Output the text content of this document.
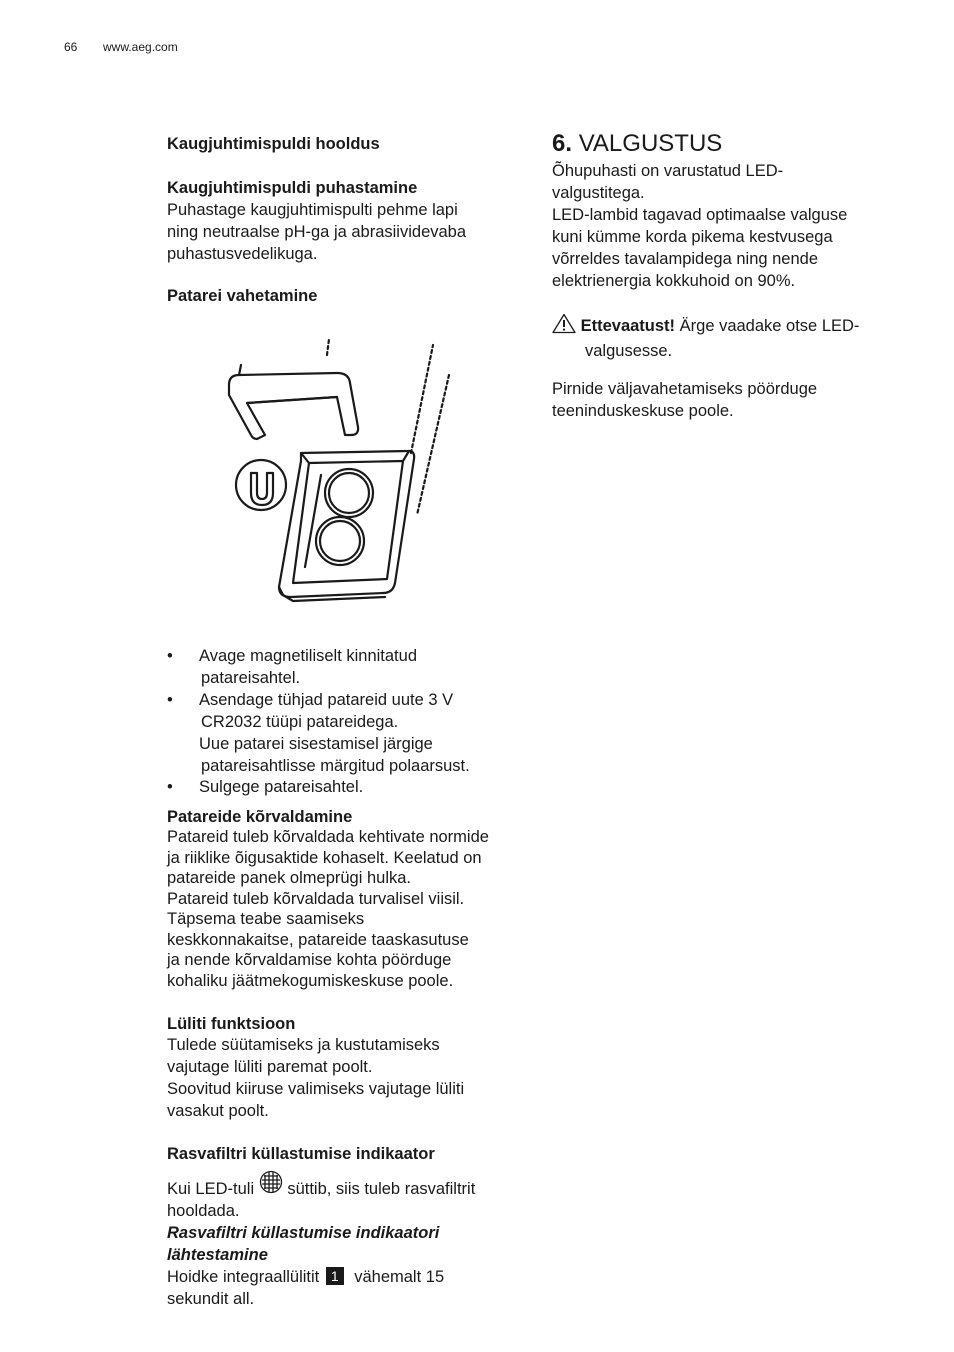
66 www.aeg.com
Kaugjuhtimispuldi hooldus
Kaugjuhtimispuldi puhastamine

Puhastage kaugjuhtimispulti pehme lapi

ning neutraalse pH-ga ja abrasiividevaba

puhastusvedelikuga.

Patarei vahetamine
• Avage magnetiliselt kinnitatud

patareisahtel.

• Asendage tühjad patareid uute 3 V

CR2032 tüüpi patareidega.

Uue patarei sisestamisel järgige

patareisahtlisse märgitud polaarsust.

• Sulgege patareisahtel.

Patareide kõrvaldamine

Patareid tuleb kõrvaldada kehtivate normide

ja riiklike õigusaktide kohaselt. Keelatud on

patareide panek olmeprügi hulka.

Patareid tuleb kõrvaldada turvalisel viisil.

Täpsema teabe saamiseks

keskkonnakaitse, patareide taaskasutuse

ja nende kõrvaldamise kohta pöörduge

kohaliku jäätmekogumiskeskuse poole.

Lüliti funktsioon

Tulede süütamiseks ja kustutamiseks

vajutage lüliti paremat poolt.

Soovitud kiiruse valimiseks vajutage lüliti

vasakut poolt.

Rasvafiltri küllastumise indikaator

Kui LED-tuli süttib, siis tuleb rasvafiltrit

hooldada.

Rasvafiltri küllastumise indikaatori

lähtestamine

Hoidke integraallülitit 1 vähemalt 15

sekundit all.

6. VALGUSTUS

Õhupuhasti on varustatud LED-

valgustitega.

LED-lambid tagavad optimaalse valguse

kuni kümme korda pikema kestvusega

võrreldes tavalampidega ning nende

elektrienergia kokkuhoid on 90%.

Ettevaatust! Ärge vaadake otse LED-

valgusesse.

Pirnide väljavahetamiseks pöörduge

teeninduskeskuse poole.
